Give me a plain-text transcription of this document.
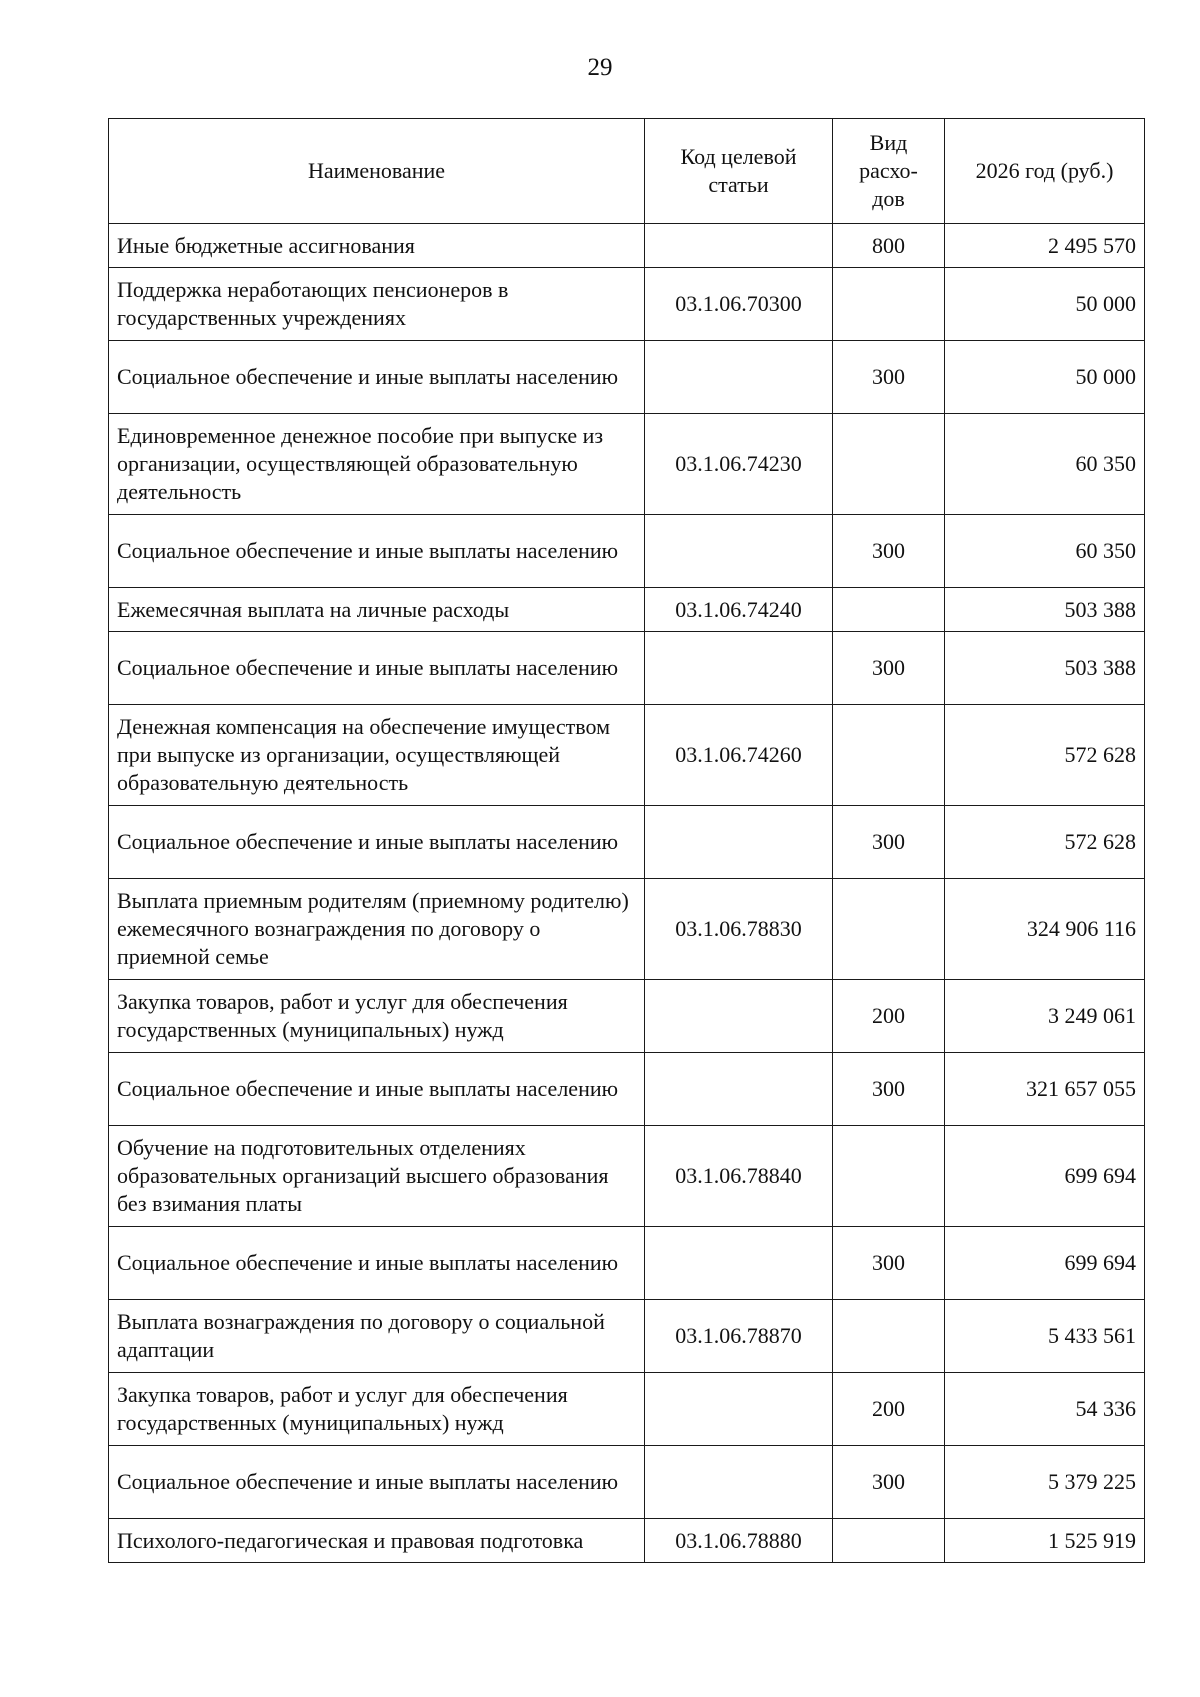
29
Наименование	Код целевой статьи	Вид расхо-дов	2026 год (руб.)
Иные бюджетные ассигнования		800	2 495 570
Поддержка неработающих пенсионеров в государственных учреждениях	03.1.06.70300		50 000
Социальное обеспечение и иные выплаты населению		300	50 000
Единовременное денежное пособие при выпуске из организации, осуществляющей образовательную деятельность	03.1.06.74230		60 350
Социальное обеспечение и иные выплаты населению		300	60 350
Ежемесячная выплата на личные расходы	03.1.06.74240		503 388
Социальное обеспечение и иные выплаты населению		300	503 388
Денежная компенсация на обеспечение имуществом при выпуске из организации, осуществляющей образовательную деятельность	03.1.06.74260		572 628
Социальное обеспечение и иные выплаты населению		300	572 628
Выплата приемным родителям (приемному родителю) ежемесячного вознаграждения по договору о приемной семье	03.1.06.78830		324 906 116
Закупка товаров, работ и услуг для обеспечения государственных (муниципальных) нужд		200	3 249 061
Социальное обеспечение и иные выплаты населению		300	321 657 055
Обучение на подготовительных отделениях образовательных организаций высшего образования без взимания платы	03.1.06.78840		699 694
Социальное обеспечение и иные выплаты населению		300	699 694
Выплата вознаграждения по договору о социальной адаптации	03.1.06.78870		5 433 561
Закупка товаров, работ и услуг для обеспечения государственных (муниципальных) нужд		200	54 336
Социальное обеспечение и иные выплаты населению		300	5 379 225
Психолого-педагогическая и правовая подготовка	03.1.06.78880		1 525 919
